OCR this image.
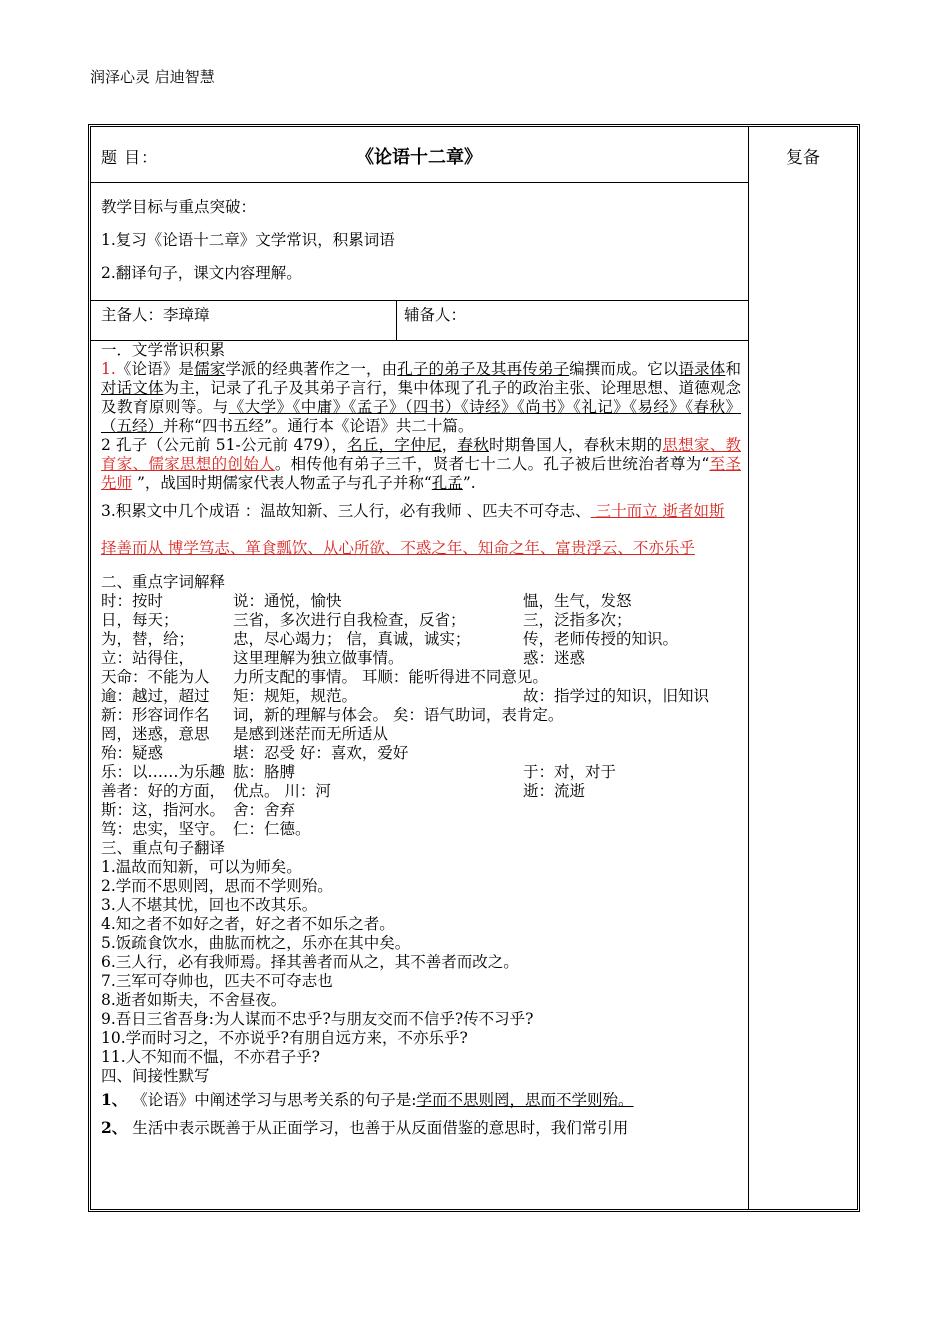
润泽心灵 启迪智慧
题 目：	《论语十二章》	复备
教学目标与重点突破：
1.复习《论语十二章》文学常识，积累词语
2.翻译句子，课文内容理解。
主备人：李璋璋	辅备人：

一．文学常识积累

1.《论语》是儒家学派的经典著作之一，由孔子的弟子及其再传弟子编撰而成。它以语录体和对话文体为主，记录了孔子及其弟子言行，集中体现了孔子的政治主张、论理思想、道德观念及教育原则等。与《大学》《中庸》《孟子》（四书）《诗经》《尚书》《礼记》《易经》《春秋》（五经）并称“四书五经”。通行本《论语》共二十篇。

2 孔子（公元前 51-公元前 479），名丘，字仲尼，春秋时期鲁国人，春秋末期的思想家、教育家、儒家思想的创始人。相传他有弟子三千，贤者七十二人。孔子被后世统治者尊为“至圣先师 ”，战国时期儒家代表人物孟子与孔子并称“孔孟”.

3.积累文中几个成语 ：温故知新、三人行，必有我师 、匹夫不可夺志、 三十而立 逝者如斯 择善而从 博学笃志、箪食瓢饮、从心所欲、不惑之年、知命之年、富贵浮云、不亦乐乎

二、重点字词解释

时：按时	说：通悦，愉快	愠，生气，发怒
日，每天；	三省，多次进行自我检查，反省；	三，泛指多次；
为，替，给；	忠，尽心竭力； 信，真诚，诚实；	传，老师传授的知识。
立：站得住，	这里理解为独立做事情。	惑：迷惑
天命：不能为人	力所支配的事情。 耳顺：能听得进不同意见。
逾：越过，超过	矩：规矩，规范。	故：指学过的知识，旧知识
新：形容词作名	词，新的理解与体会。 矣：语气助词，表肯定。
罔，迷惑，意思	是感到迷茫而无所适从
殆：疑惑	堪：忍受 好：喜欢，爱好
乐：以……为乐趣 肱：胳膊	于：对，对于
善者：好的方面， 优点。 川：河	逝：流逝
斯：这，指河水。 舍：舍弃
笃：忠实，坚守。 仁：仁德。

三、重点句子翻译

1.温故而知新，可以为师矣。

2.学而不思则罔，思而不学则殆。

3.人不堪其忧，回也不改其乐。

4.知之者不如好之者，好之者不如乐之者。

5.饭疏食饮水，曲肱而枕之，乐亦在其中矣。

6.三人行，必有我师焉。择其善者而从之，其不善者而改之。

7.三军可夺帅也，匹夫不可夺志也

8.逝者如斯夫，不舍昼夜。

9.吾日三省吾身:为人谋而不忠乎?与朋友交而不信乎?传不习乎?

10.学而时习之，不亦说乎?有朋自远方来，不亦乐乎?

11.人不知而不愠，不亦君子乎?

四、间接性默写

1、 《论语》中阐述学习与思考关系的句子是:学而不思则罔，思而不学则殆。

2、 生活中表示既善于从正面学习，也善于从反面借鉴的意思时，我们常引用
